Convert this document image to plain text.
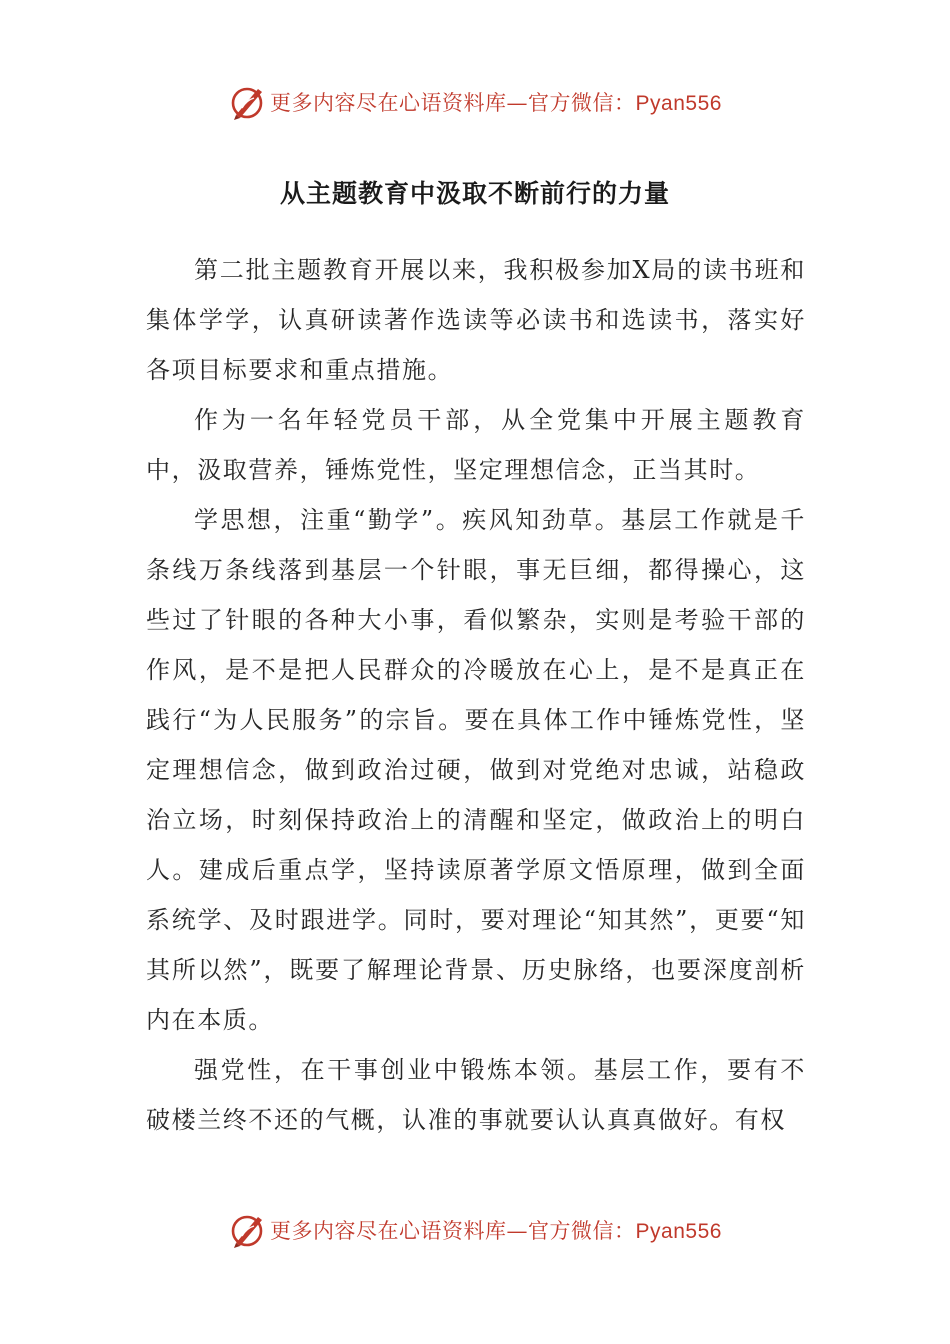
更多内容尽在心语资料库—官方微信：Pyan556
从主题教育中汲取不断前行的力量

第二批主题教育开展以来，我积极参加X局的读书班和集体学学，认真研读著作选读等必读书和选读书，落实好各项目标要求和重点措施。

作为一名年轻党员干部，从全党集中开展主题教育中，汲取营养，锤炼党性，坚定理想信念，正当其时。

学思想，注重“勤学”。疾风知劲草。基层工作就是千条线万条线落到基层一个针眼，事无巨细，都得操心，这些过了针眼的各种大小事，看似繁杂，实则是考验干部的作风，是不是把人民群众的冷暖放在心上，是不是真正在践行“为人民服务”的宗旨。要在具体工作中锤炼党性，坚定理想信念，做到政治过硬，做到对党绝对忠诚，站稳政治立场，时刻保持政治上的清醒和坚定，做政治上的明白人。建成后重点学，坚持读原著学原文悟原理，做到全面系统学、及时跟进学。同时，要对理论“知其然”，更要“知其所以然”，既要了解理论背景、历史脉络，也要深度剖析内在本质。

强党性，在干事创业中锻炼本领。基层工作，要有不破楼兰终不还的气概，认准的事就要认认真真做好。有权

更多内容尽在心语资料库—官方微信：Pyan556
